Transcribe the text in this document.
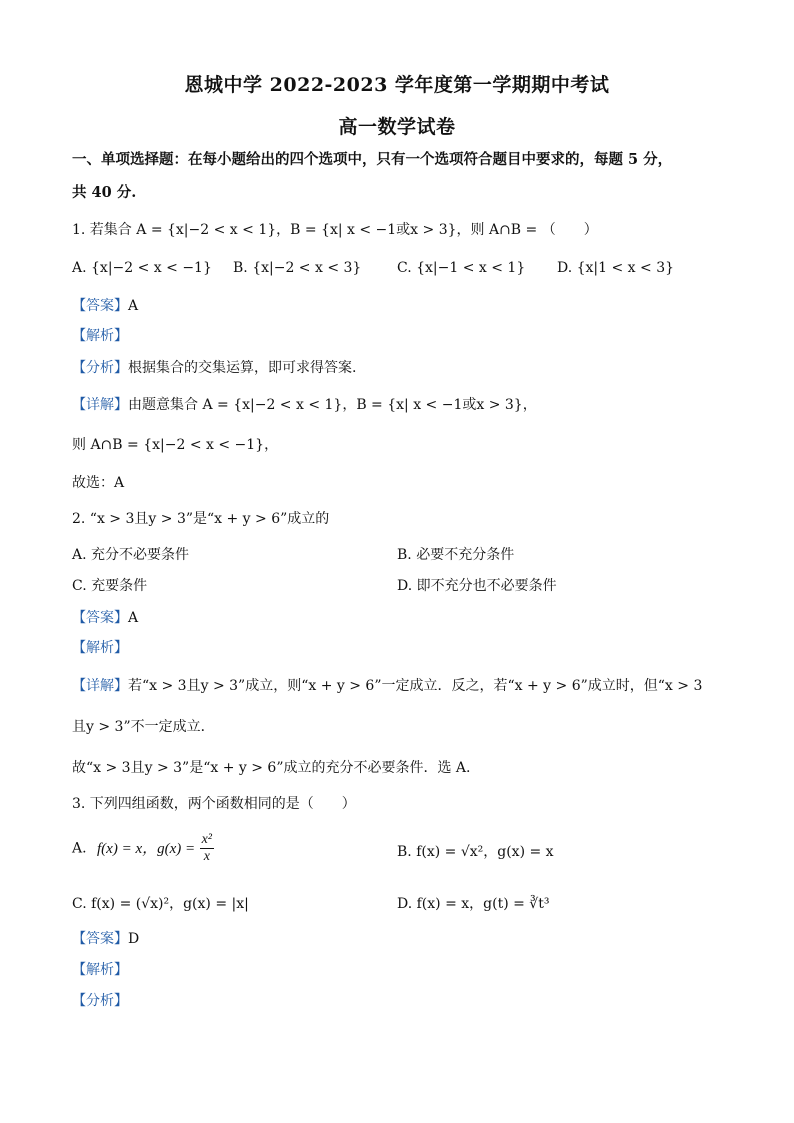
恩城中学 2022-2023 学年度第一学期期中考试
高一数学试卷
一、单项选择题：在每小题给出的四个选项中，只有一个选项符合题目中要求的，每题 5 分，
共 40 分.
1. 若集合 A = {x|−2 < x < 1}，B = {x| x < −1或x > 3}，则 A∩B = （　　）
A. {x|−2 < x < −1} B. {x|−2 < x < 3}	C. {x|−1 < x < 1} D. {x|1 < x < 3}
【答案】A
【解析】
【分析】根据集合的交集运算，即可求得答案.
【详解】由题意集合 A = {x|−2 < x < 1}，B = {x| x < −1或x > 3}，
则 A∩B = {x|−2 < x < −1}，
故选：A
2. “x > 3且y > 3”是“x + y > 6”成立的
A. 充分不必要条件	B. 必要不充分条件
C. 充要条件	D. 即不充分也不必要条件
【答案】A
【解析】
【详解】若“x > 3且y > 3”成立，则“x + y > 6”一定成立．反之，若“x + y > 6”成立时，但“x > 3
且y > 3”不一定成立．
故“x > 3且y > 3”是“x + y > 6”成立的充分不必要条件．选 A.
3. 下列四组函数，两个函数相同的是（　　）
A. f(x) = x，$g(x) = \frac{\text{x²}}{x}$	B. f(x) = √x²，g(x) = x
C. f(x) = (√x)²，g(x) = |x|	D. f(x) = x，g(t) = ∛t³
【答案】D
【解析】
【分析】
